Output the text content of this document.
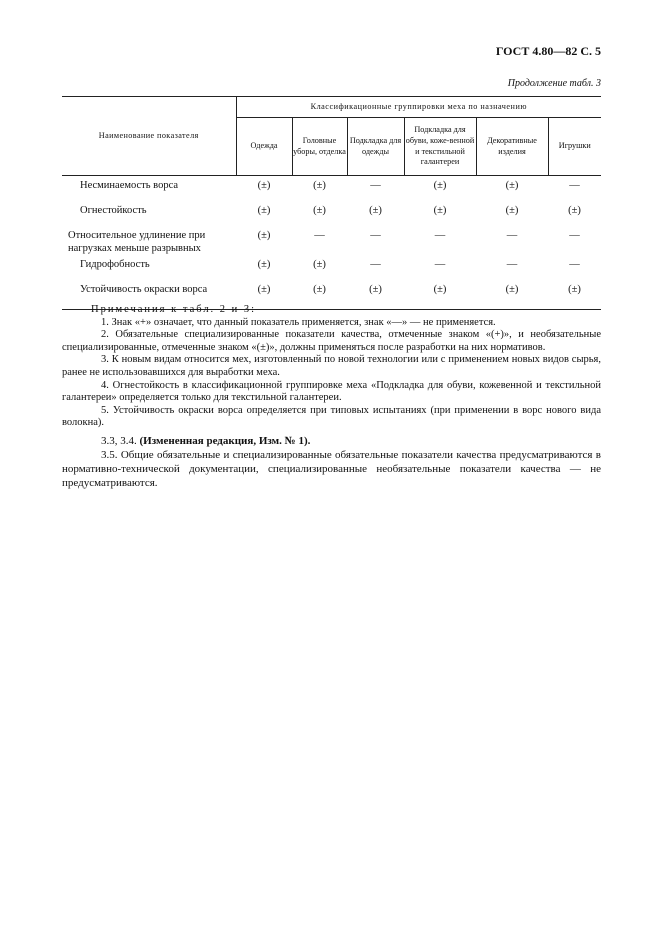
ГОСТ 4.80—82 С. 5
Продолжение табл. 3
Наименование показателя	Классификационные группировки меха по назначению					
	Одежда	Головные уборы, отделка	Подкладка для одежды	Подкладка для обуви, коже-венной и текстильной галантереи	Декоративные изделия	Игрушки
Несминаемость ворса	(±)	(±)	—	(±)	(±)	—
Огнестойкость	(±)	(±)	(±)	(±)	(±)	(±)
Относительное удлинение при нагрузках меньше разрывных	(±)	—	—	—	—	—
Гидрофобность	(±)	(±)	—	—	—	—
Устойчивость окраски ворса	(±)	(±)	(±)	(±)	(±)	(±)

Примечания к табл. 2 и 3:

1. Знак «+» означает, что данный показатель применяется, знак «—» — не применяется.

2. Обязательные специализированные показатели качества, отмеченные знаком «(+)», и необязательные специализированные, отмеченные знаком «(±)», должны применяться после разработки на них нормативов.

3. К новым видам относится мех, изготовленный по новой технологии или с применением новых видов сырья, ранее не использовавшихся для выработки меха.

4. Огнестойкость в классификационной группировке меха «Подкладка для обуви, кожевенной и текстильной галантереи» определяется только для текстильной галантереи.

5. Устойчивость окраски ворса определяется при типовых испытаниях (при применении в ворс нового вида волокна).

3.3, 3.4. (Измененная редакция, Изм. № 1).

3.5. Общие обязательные и специализированные обязательные показатели качества предусматриваются в нормативно-технической документации, специализированные необязательные показатели качества — не предусматриваются.
